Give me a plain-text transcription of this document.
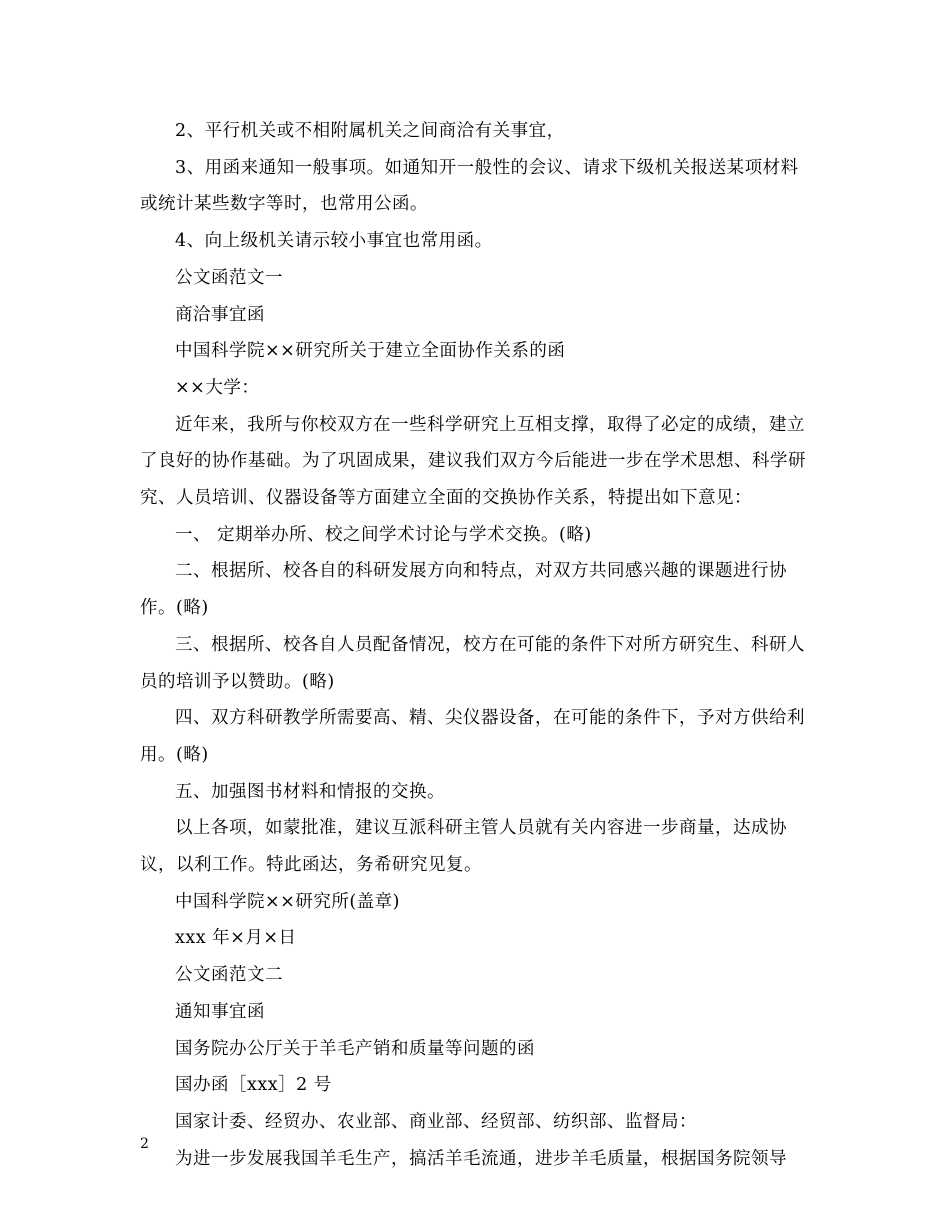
2、平行机关或不相附属机关之间商洽有关事宜，

3、用函来通知一般事项。如通知开一般性的会议、请求下级机关报送某项材料或统计某些数字等时，也常用公函。

4、向上级机关请示较小事宜也常用函。

公文函范文一

商洽事宜函

中国科学院××研究所关于建立全面协作关系的函

××大学：

近年来，我所与你校双方在一些科学研究上互相支撑，取得了必定的成绩，建立了良好的协作基础。为了巩固成果，建议我们双方今后能进一步在学术思想、科学研究、人员培训、仪器设备等方面建立全面的交换协作关系，特提出如下意见：

一、 定期举办所、校之间学术讨论与学术交换。(略)

二、根据所、校各自的科研发展方向和特点，对双方共同感兴趣的课题进行协作。(略)

三、根据所、校各自人员配备情况，校方在可能的条件下对所方研究生、科研人员的培训予以赞助。(略)

四、双方科研教学所需要高、精、尖仪器设备，在可能的条件下，予对方供给利用。(略)

五、加强图书材料和情报的交换。

以上各项，如蒙批准，建议互派科研主管人员就有关内容进一步商量，达成协议，以利工作。特此函达，务希研究见复。

中国科学院××研究所(盖章)

xxx 年×月×日

公文函范文二

通知事宜函

国务院办公厅关于羊毛产销和质量等问题的函

国办函［xxx］2 号

国家计委、经贸办、农业部、商业部、经贸部、纺织部、监督局：

为进一步发展我国羊毛生产，搞活羊毛流通，进步羊毛质量，根据国务院领导

2
